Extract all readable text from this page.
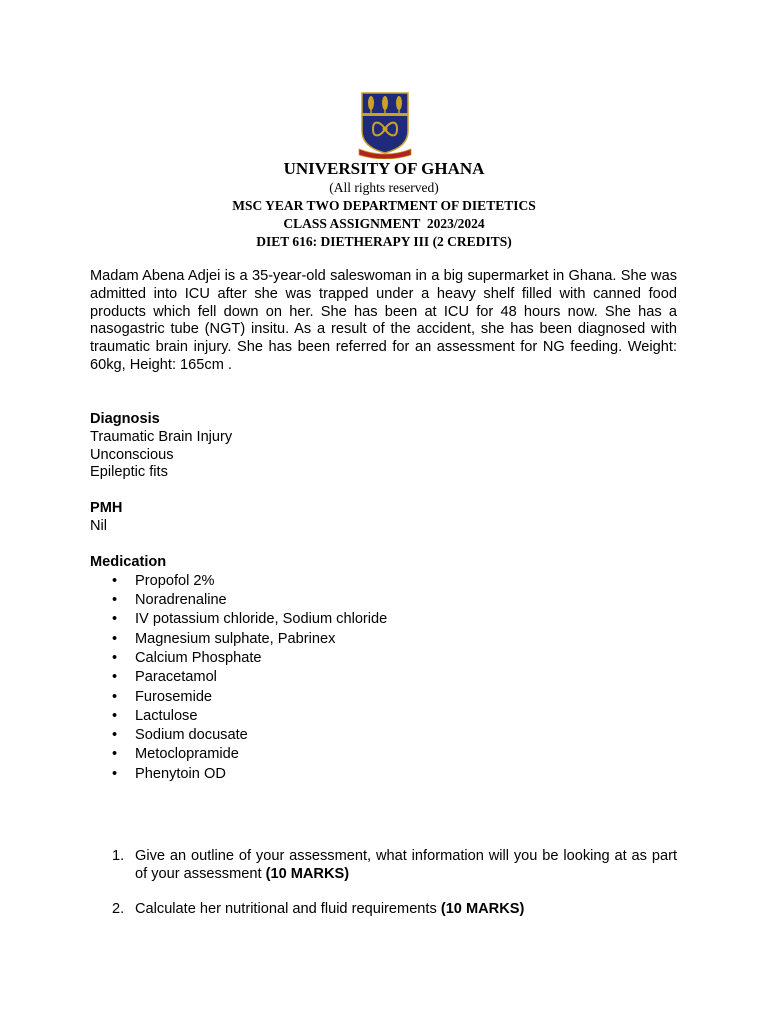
UNIVERSITY OF GHANA
(All rights reserved)
MSC YEAR TWO DEPARTMENT OF DIETETICS
CLASS ASSIGNMENT  2023/2024
DIET 616: DIETHERAPY III (2 CREDITS)
Madam Abena Adjei is a 35-year-old saleswoman in a big supermarket in Ghana. She was admitted into ICU after she was trapped under a heavy shelf filled with canned food products which fell down on her. She has been at ICU for 48 hours now. She has a nasogastric tube (NGT) insitu. As a result of the accident, she has been diagnosed with traumatic brain injury. She has been referred for an assessment for NG feeding. Weight: 60kg, Height: 165cm .
Diagnosis
Traumatic Brain Injury
Unconscious
Epileptic fits
PMH
Nil
Medication
• Propofol 2%
• Noradrenaline
• IV potassium chloride, Sodium chloride
• Magnesium sulphate, Pabrinex
• Calcium Phosphate
• Paracetamol
• Furosemide
• Lactulose
• Sodium docusate
• Metoclopramide
• Phenytoin OD
1. Give an outline of your assessment, what information will you be looking at as part of your assessment (10 MARKS)
2. Calculate her nutritional and fluid requirements (10 MARKS)
